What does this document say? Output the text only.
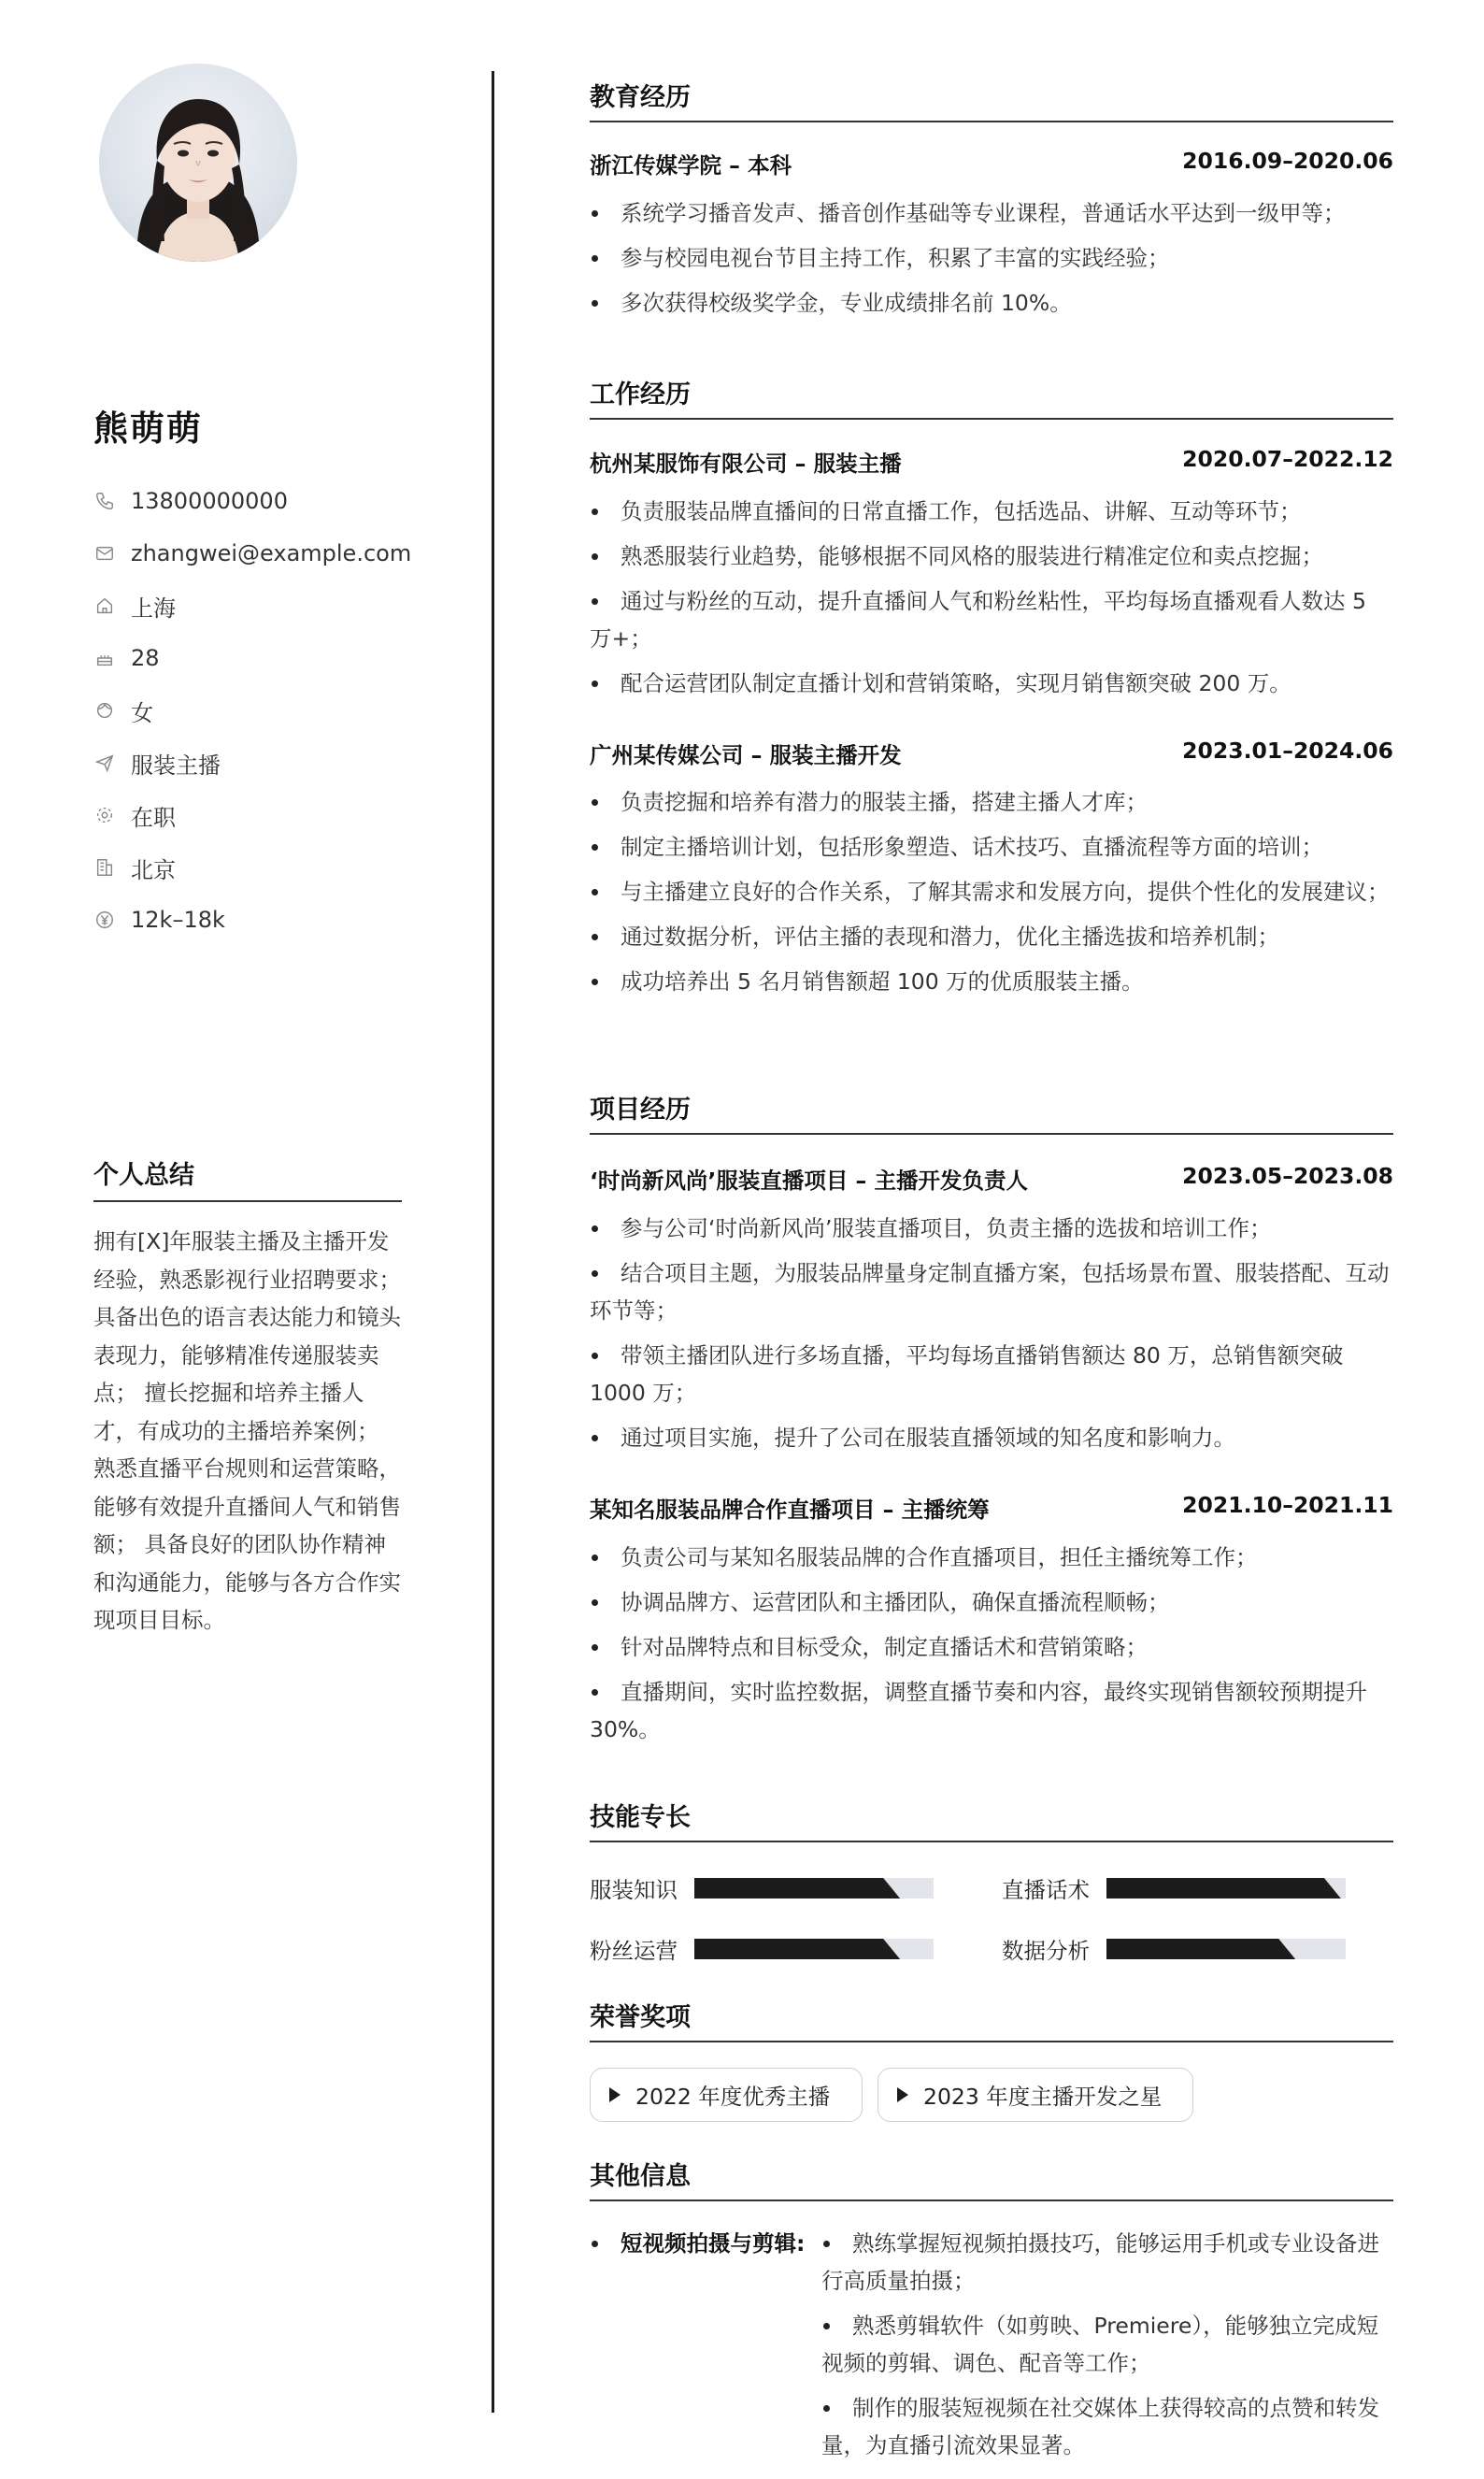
熊萌萌
13800000000
zhangwei@example.com
上海
28
女
服装主播
在职
北京
12k–18k
个人总结
拥有[X]年服装主播及主播开发经验，熟悉影视行业招聘要求； 具备出色的语言表达能力和镜头表现力，能够精准传递服装卖点； 擅长挖掘和培养主播人才，有成功的主播培养案例； 熟悉直播平台规则和运营策略，能够有效提升直播间人气和销售额； 具备良好的团队协作精神和沟通能力，能够与各方合作实现项目目标。
教育经历
浙江传媒学院 – 本科	2016.09–2020.06
系统学习播音发声、播音创作基础等专业课程，普通话水平达到一级甲等；
参与校园电视台节目主持工作，积累了丰富的实践经验；
多次获得校级奖学金，专业成绩排名前 10%。
工作经历
杭州某服饰有限公司 – 服装主播	2020.07–2022.12
负责服装品牌直播间的日常直播工作，包括选品、讲解、互动等环节；
熟悉服装行业趋势，能够根据不同风格的服装进行精准定位和卖点挖掘；
通过与粉丝的互动，提升直播间人气和粉丝粘性，平均每场直播观看人数达 5 万+；
配合运营团队制定直播计划和营销策略，实现月销售额突破 200 万。
广州某传媒公司 – 服装主播开发	2023.01–2024.06
负责挖掘和培养有潜力的服装主播，搭建主播人才库；
制定主播培训计划，包括形象塑造、话术技巧、直播流程等方面的培训；
与主播建立良好的合作关系，了解其需求和发展方向，提供个性化的发展建议；
通过数据分析，评估主播的表现和潜力，优化主播选拔和培养机制；
成功培养出 5 名月销售额超 100 万的优质服装主播。
项目经历
‘时尚新风尚’服装直播项目 – 主播开发负责人	2023.05–2023.08
参与公司‘时尚新风尚’服装直播项目，负责主播的选拔和培训工作；
结合项目主题，为服装品牌量身定制直播方案，包括场景布置、服装搭配、互动环节等；
带领主播团队进行多场直播，平均每场直播销售额达 80 万，总销售额突破 1000 万；
通过项目实施，提升了公司在服装直播领域的知名度和影响力。
某知名服装品牌合作直播项目 – 主播统筹	2021.10–2021.11
负责公司与某知名服装品牌的合作直播项目，担任主播统筹工作；
协调品牌方、运营团队和主播团队，确保直播流程顺畅；
针对品牌特点和目标受众，制定直播话术和营销策略；
直播期间，实时监控数据，调整直播节奏和内容，最终实现销售额较预期提升 30%。
技能专长
服装知识	直播话术
粉丝运营	数据分析
荣誉奖项
2022 年度优秀主播	2023 年度主播开发之星
其他信息
短视频拍摄与剪辑:	熟练掌握短视频拍摄技巧，能够运用手机或专业设备进行高质量拍摄；
熟悉剪辑软件（如剪映、Premiere），能够独立完成短视频的剪辑、调色、配音等工作；
制作的服装短视频在社交媒体上获得较高的点赞和转发量，为直播引流效果显著。
